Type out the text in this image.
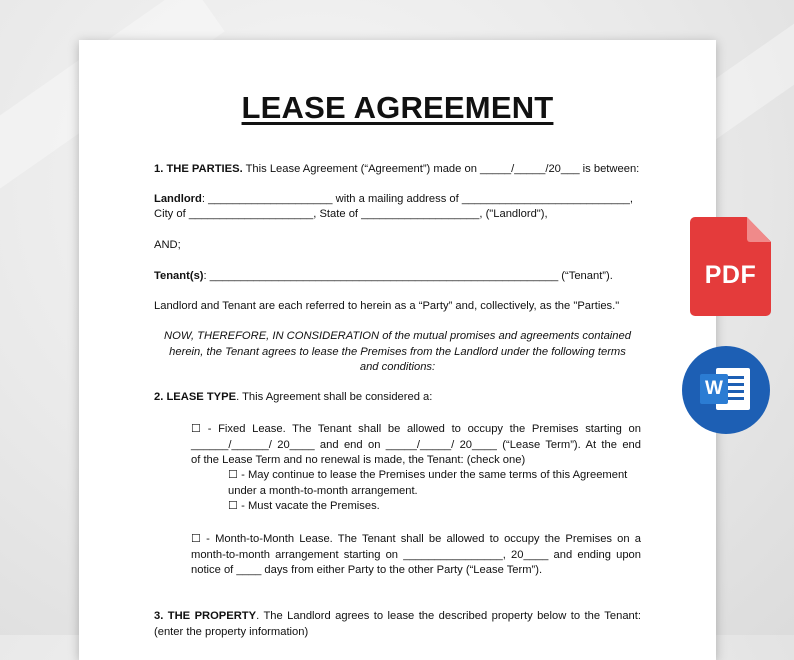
LEASE AGREEMENT
1. THE PARTIES. This Lease Agreement (“Agreement”) made on _____/_____/20___ is between:
Landlord: ____________________ with a mailing address of ___________________________,
City of ____________________, State of ___________________, ("Landlord"),
AND;
Tenant(s): ________________________________________________________ (“Tenant”).
Landlord and Tenant are each referred to herein as a “Party” and, collectively, as the "Parties."
NOW, THEREFORE, IN CONSIDERATION of the mutual promises and agreements contained
herein, the Tenant agrees to lease the Premises from the Landlord under the following terms
and conditions:
2. LEASE TYPE. This Agreement shall be considered a:
☐ - Fixed Lease. The Tenant shall be allowed to occupy the Premises starting on
______/______/ 20____ and end on _____/_____/ 20____ (“Lease Term”). At the end
of the Lease Term and no renewal is made, the Tenant: (check one)
☐ - May continue to lease the Premises under the same terms of this Agreement
under a month-to-month arrangement.
☐ - Must vacate the Premises.
☐ - Month-to-Month Lease. The Tenant shall be allowed to occupy the Premises on a
month-to-month arrangement starting on ________________, 20____ and ending upon
notice of ____ days from either Party to the other Party (“Lease Term”).
3. THE PROPERTY. The Landlord agrees to lease the described property below to the Tenant:
(enter the property information)
PDF
W
